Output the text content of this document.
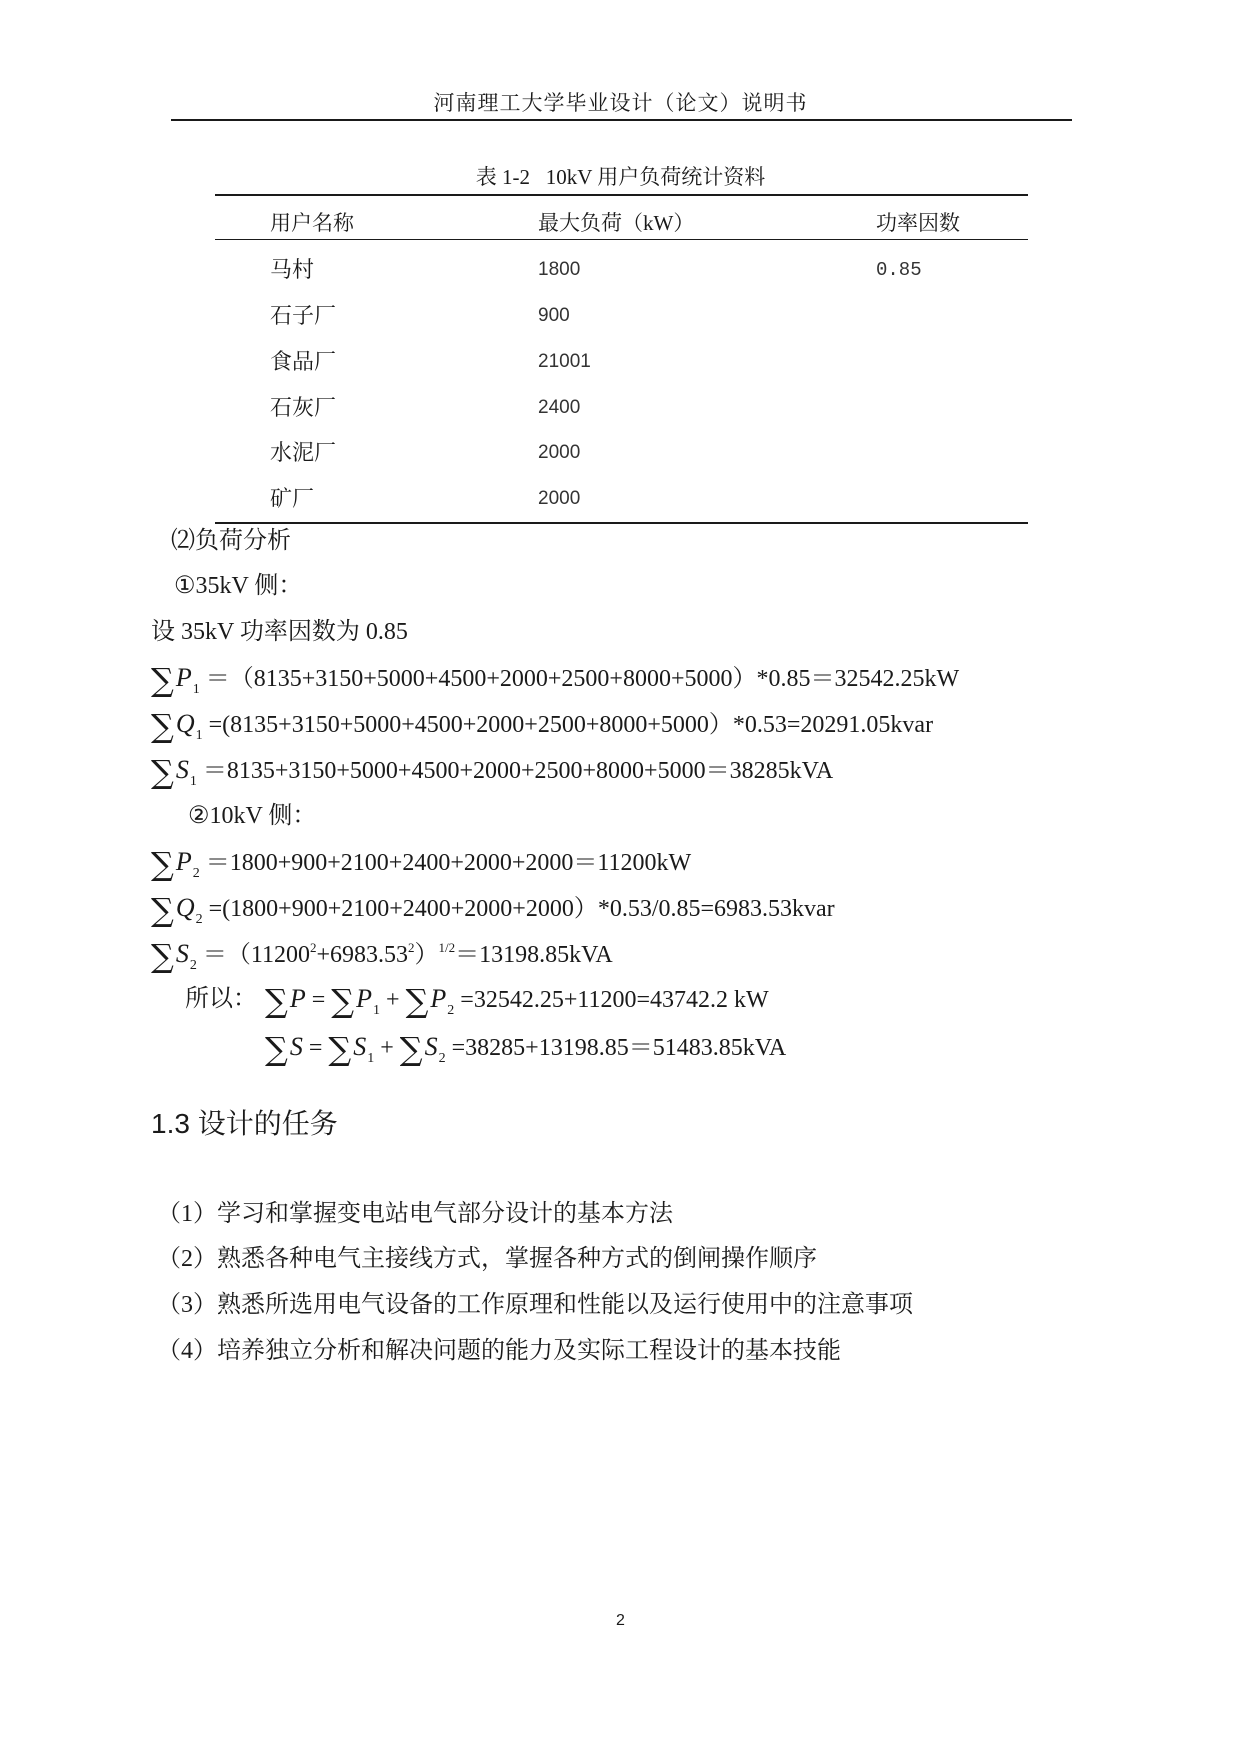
河南理工大学毕业设计（论文）说明书
表 1-2   10kV 用户负荷统计资料
用户名称	最大负荷（kW）	功率因数
马村	1800	0.85
石子厂	900
食品厂	21001
石灰厂	2400
水泥厂	2000
矿厂	2000
⑵负荷分析
①35kV 侧：
设 35kV 功率因数为 0.85
$\sum P_1 =(8135+3150+5000+4500+2000+2500+8000+5000)*0.85=32542.25kW$
$\sum Q_1$ =(8135+3150+5000+4500+2000+2500+8000+5000）*0.53=20291.05kvar
$\sum S_1 =8135+3150+5000+4500+2000+2500+8000+5000=38285kVA$
②10kV 侧：
$\sum P_2 =1800+900+2100+2400+2000+2000=11200kW$
$\sum Q_2$ =(1800+900+2100+2400+2000+2000）*0.53/0.85=6983.53kvar
$\sum S_2 =(11200^2+6983.53^2)^{1/2}=13198.85kVA$
所以： $\sum P = \sum P_1 + \sum P_2 =32542.25+11200=43742.2$ kW
$\sum S = \sum S_1 + \sum S_2 =38285+13198.85=51483.85kVA$
1.3 设计的任务
（1）学习和掌握变电站电气部分设计的基本方法
（2）熟悉各种电气主接线方式，掌握各种方式的倒闸操作顺序
（3）熟悉所选用电气设备的工作原理和性能以及运行使用中的注意事项
（4）培养独立分析和解决问题的能力及实际工程设计的基本技能
2
